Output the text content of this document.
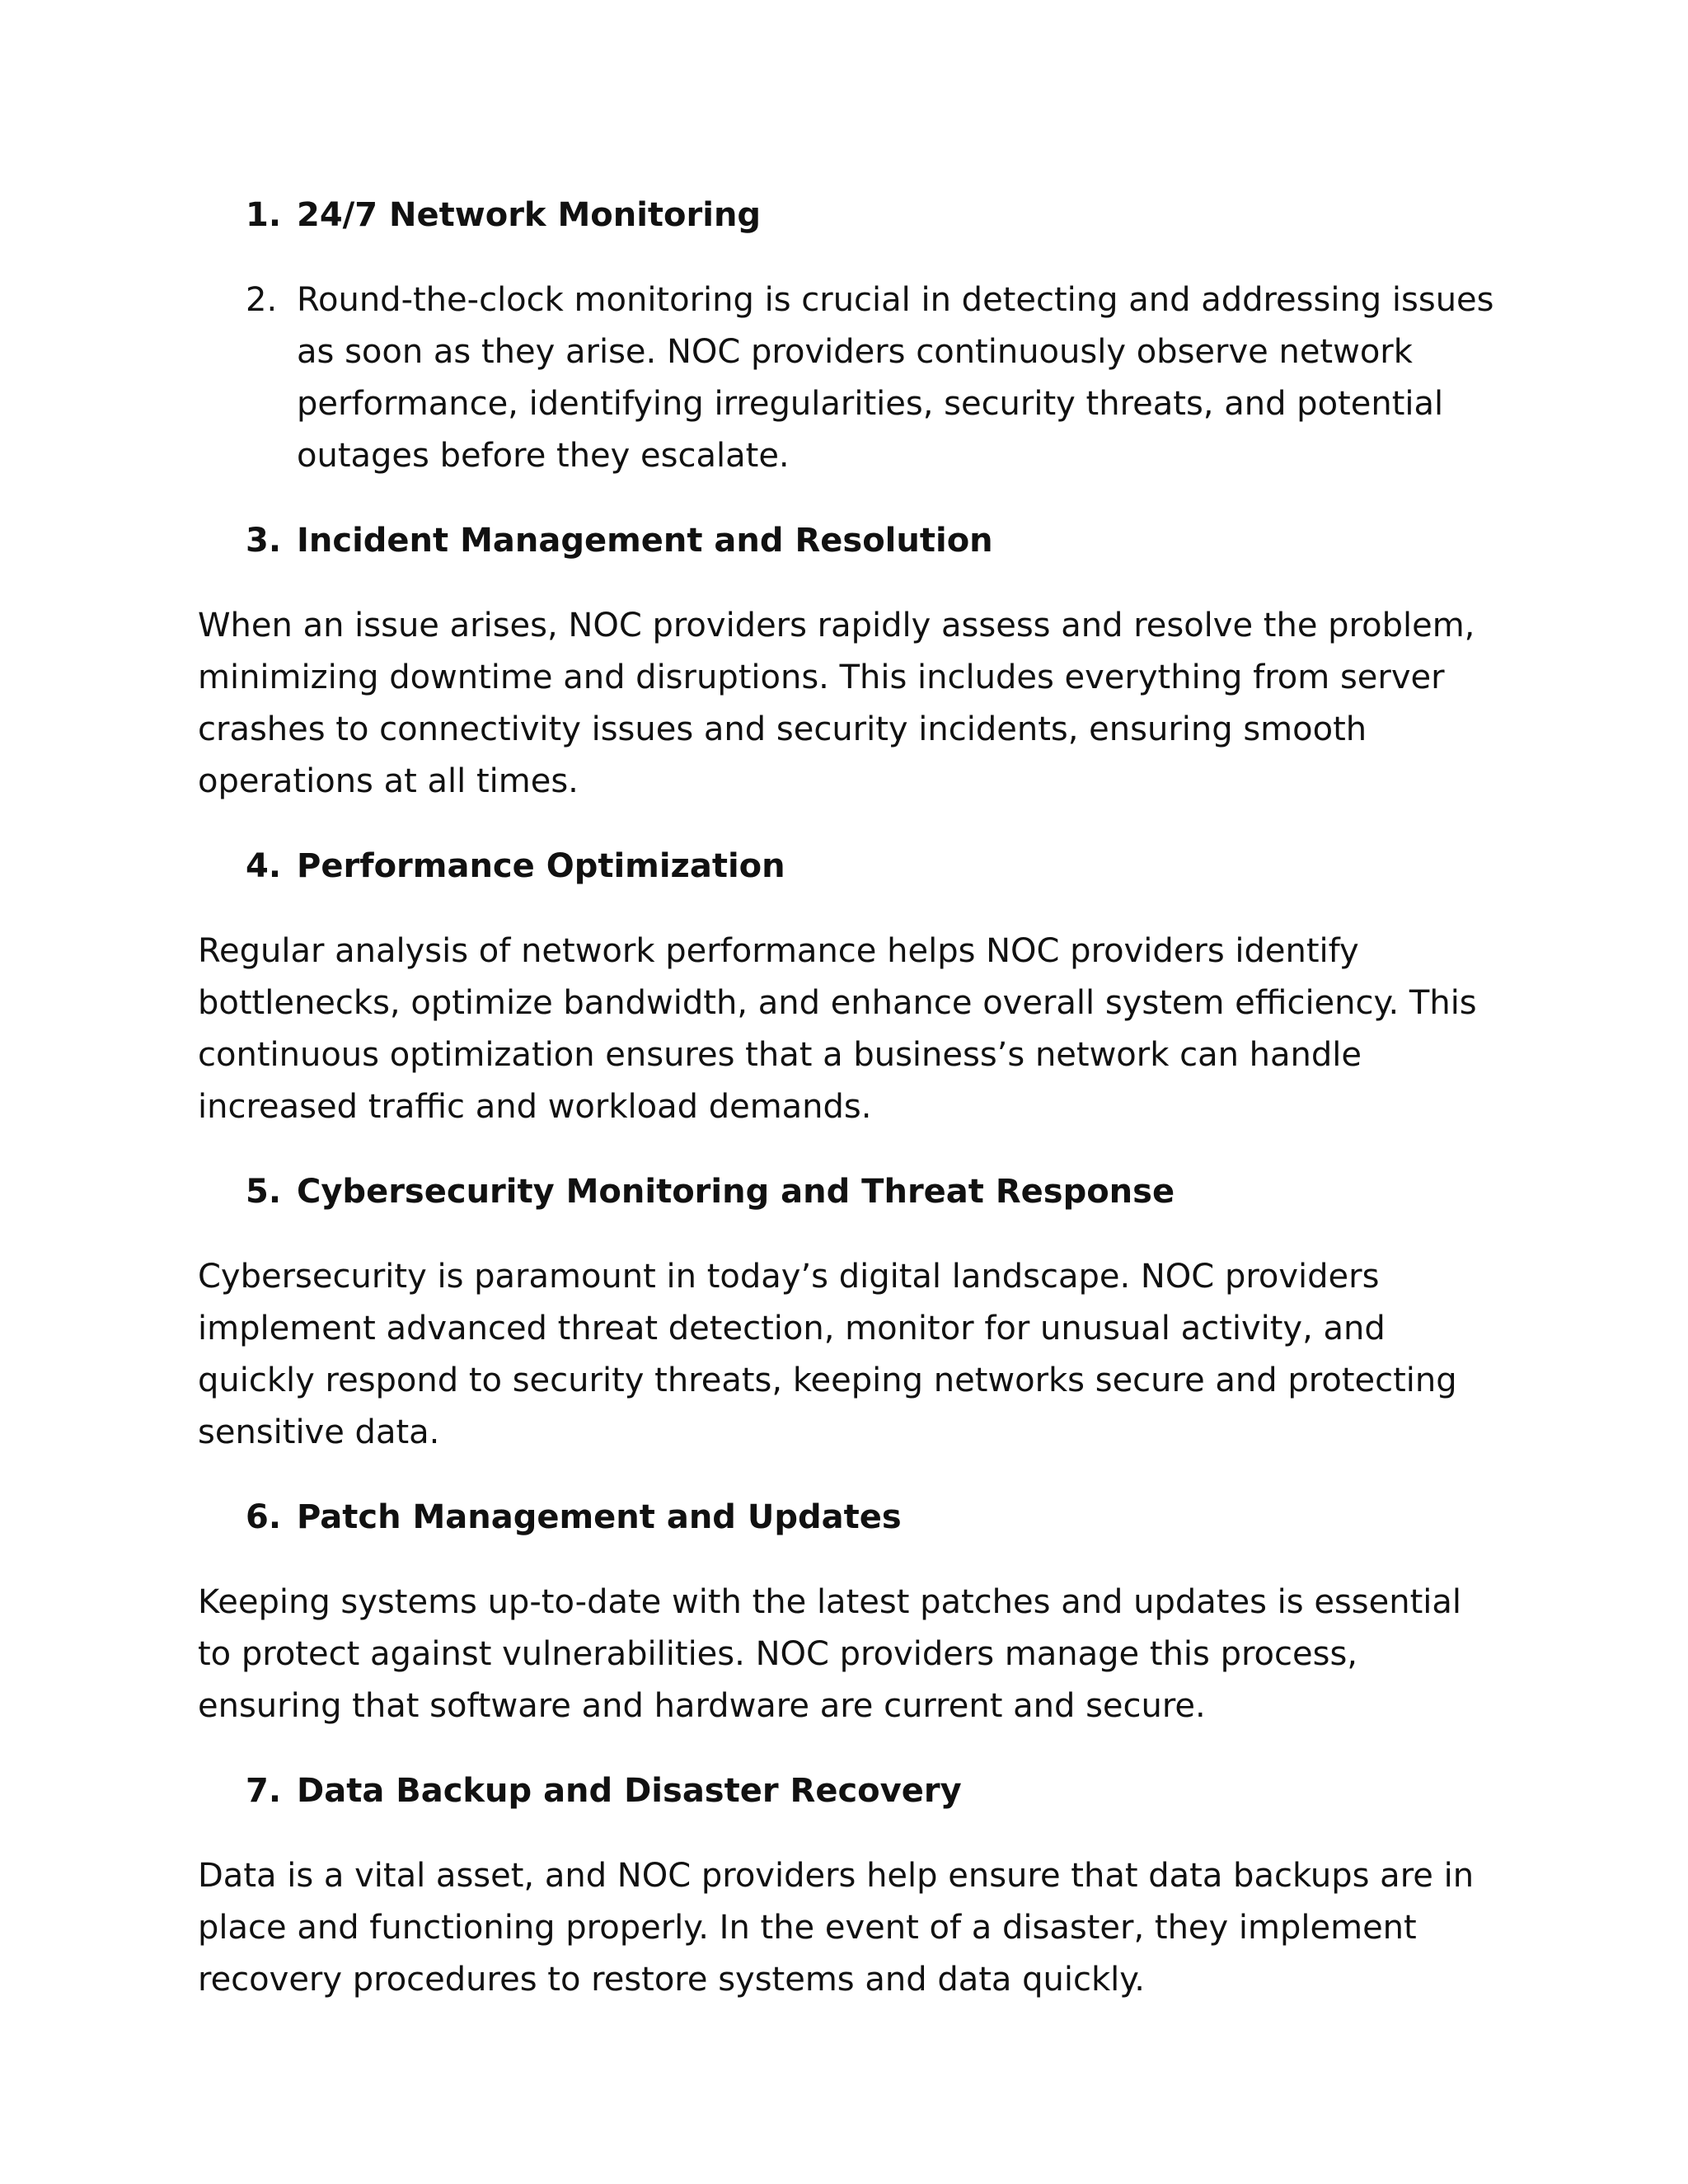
1. 24/7 Network Monitoring
2. Round-the-clock monitoring is crucial in detecting and addressing issues as soon as they arise. NOC providers continuously observe network performance, identifying irregularities, security threats, and potential outages before they escalate.
3. Incident Management and Resolution

When an issue arises, NOC providers rapidly assess and resolve the problem, minimizing downtime and disruptions. This includes everything from server crashes to connectivity issues and security incidents, ensuring smooth operations at all times.

4. Performance Optimization

Regular analysis of network performance helps NOC providers identify bottlenecks, optimize bandwidth, and enhance overall system efficiency. This continuous optimization ensures that a business’s network can handle increased traffic and workload demands.

5. Cybersecurity Monitoring and Threat Response

Cybersecurity is paramount in today’s digital landscape. NOC providers implement advanced threat detection, monitor for unusual activity, and quickly respond to security threats, keeping networks secure and protecting sensitive data.

6. Patch Management and Updates

Keeping systems up-to-date with the latest patches and updates is essential to protect against vulnerabilities. NOC providers manage this process, ensuring that software and hardware are current and secure.

7. Data Backup and Disaster Recovery

Data is a vital asset, and NOC providers help ensure that data backups are in place and functioning properly. In the event of a disaster, they implement recovery procedures to restore systems and data quickly.
